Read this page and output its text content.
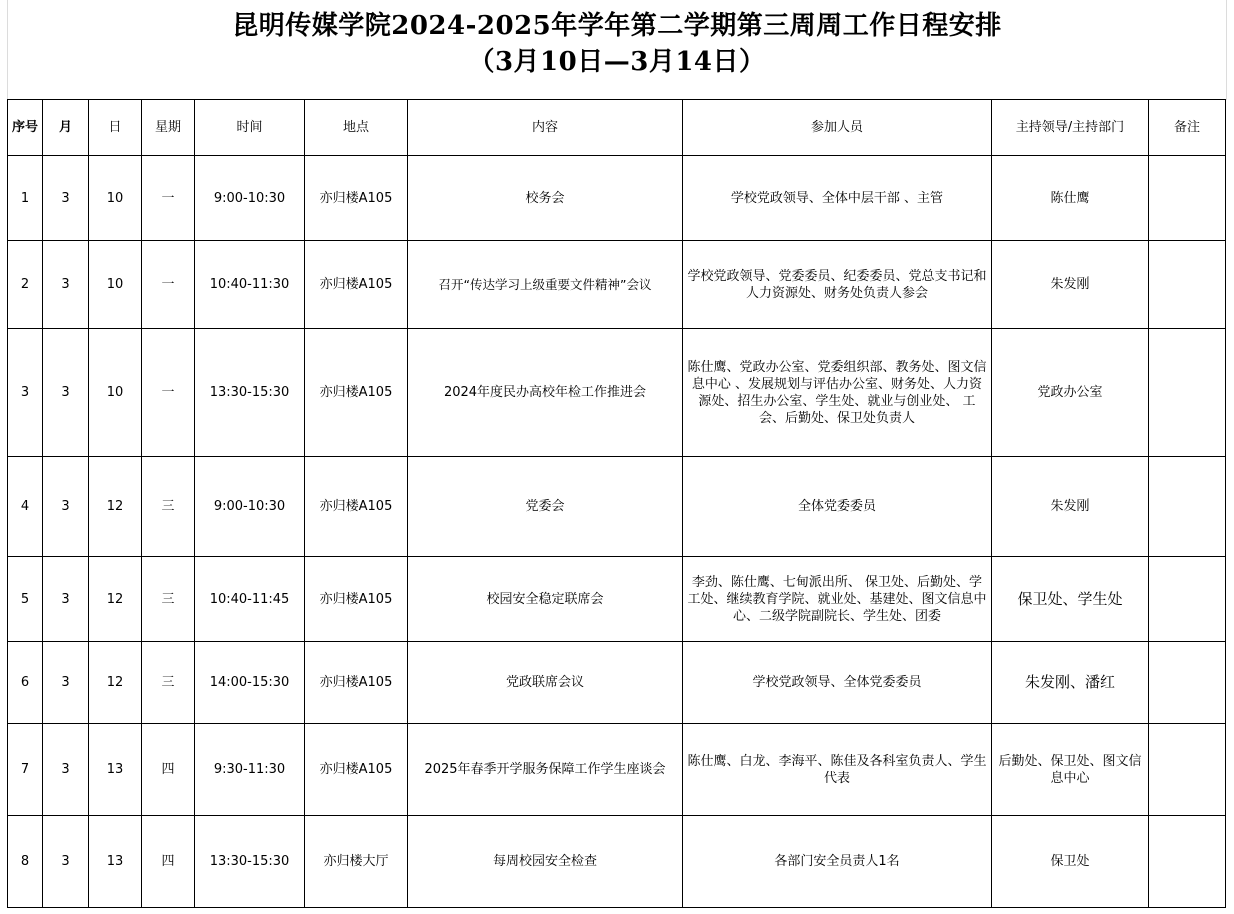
昆明传媒学院2024-2025年学年第二学期第三周周工作日程安排
（3月10日—3月14日）
序号	月	日	星期	时间	地点	内容	参加人员	主持领导/主持部门	备注
1	3	10	一	9:00-10:30	亦归楼A105	校务会	学校党政领导、全体中层干部 、主管	陈仕鹰	
2	3	10	一	10:40-11:30	亦归楼A105	召开“传达学习上级重要文件精神”会议	学校党政领导、党委委员、纪委委员、党总支书记和人力资源处、财务处负责人参会	朱发刚	
3	3	10	一	13:30-15:30	亦归楼A105	2024年度民办高校年检工作推进会	陈仕鹰、党政办公室、党委组织部、教务处、图文信息中心 、发展规划与评估办公室、财务处、人力资源处、招生办公室、学生处、就业与创业处、 工会、后勤处、保卫处负责人	党政办公室	
4	3	12	三	9:00-10:30	亦归楼A105	党委会	全体党委委员	朱发刚	
5	3	12	三	10:40-11:45	亦归楼A105	校园安全稳定联席会	李劲、陈仕鹰、七甸派出所、 保卫处、后勤处、学工处、继续教育学院、就业处、基建处、图文信息中心、二级学院副院长、学生处、团委	保卫处、学生处	
6	3	12	三	14:00-15:30	亦归楼A105	党政联席会议	学校党政领导、全体党委委员	朱发刚、潘红	
7	3	13	四	9:30-11:30	亦归楼A105	2025年春季开学服务保障工作学生座谈会	陈仕鹰、白龙、李海平、陈佳及各科室负责人、学生代表	后勤处、保卫处、图文信息中心	
8	3	13	四	13:30-15:30	亦归楼大厅	每周校园安全检查	各部门安全员责人1名	保卫处	
